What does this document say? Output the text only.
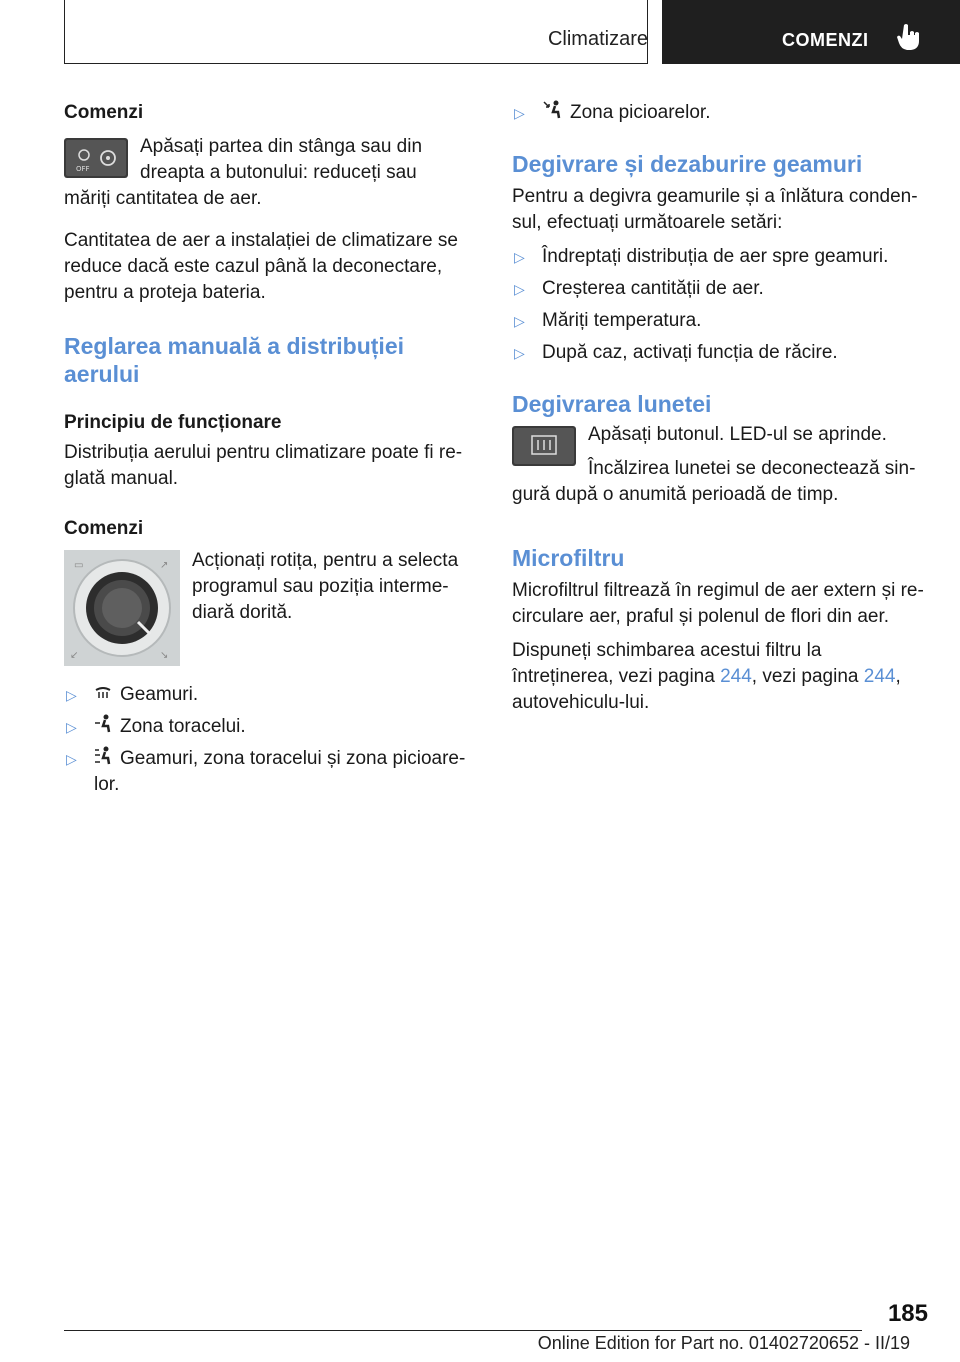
Climatizare	COMENZI
Comenzi
OFF

Apăsați partea din stânga sau din dreapta a butonului: reduceți sau măriți cantitatea de aer.

Cantitatea de aer a instalației de climatizare se reduce dacă este cazul până la deconectare, pentru a proteja bateria.

Reglarea manuală a distribuției aerului
Principiu de funcționare

Distribuția aerului pentru climatizare poate fi re‐glată manual.

Comenzi
▭	↗
↙	↘

Acționați rotița, pentru a selecta programul sau poziția interme‐diară dorită.

▷ Geamuri.
▷ Zona toracelui.
▷ Geamuri, zona toracelui și zona picioare‐lor.
▷ Zona picioarelor.
Degivrare și dezaburire geamuri

Pentru a degivra geamurile și a înlătura conden‐sul, efectuați următoarele setări:

▷ Îndreptați distribuția de aer spre geamuri.
▷ Creșterea cantității de aer.
▷ Măriți temperatura.
▷ După caz, activați funcția de răcire.
Degivrarea lunetei

Apăsați butonul. LED-ul se aprinde.

Încălzirea lunetei se deconectează sin‐gură după o anumită perioadă de timp.

Microfiltru

Microfiltrul filtrează în regimul de aer extern și re‐circulare aer, praful și polenul de flori din aer.

Dispuneți schimbarea acestui filtru la întreținerea, vezi pagina 244, vezi pagina 244, autovehiculu‐lui.

185
Online Edition for Part no. 01402720652 - II/19
